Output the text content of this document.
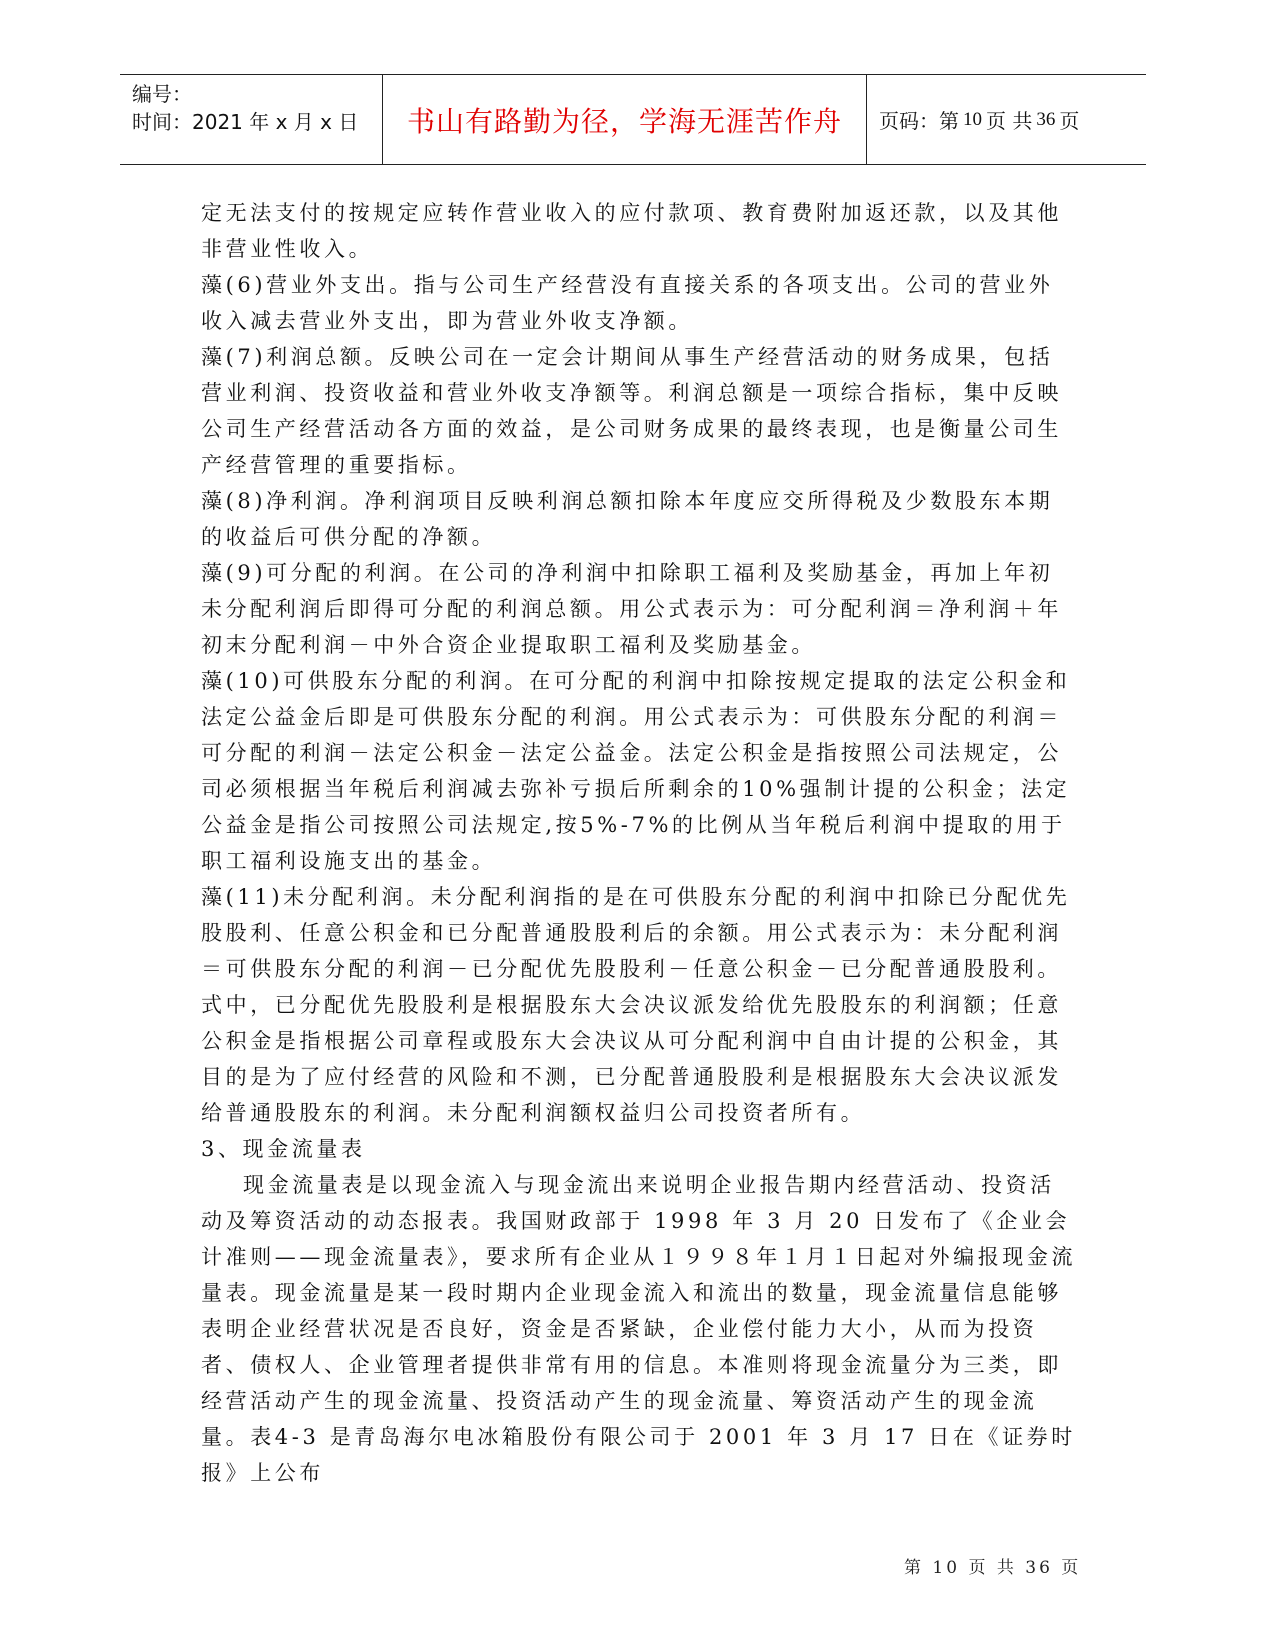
编号：
时间：2021 年 x 月 x 日	书山有路勤为径，学海无涯苦作舟 页码：第 10 页 共 36 页

定无法支付的按规定应转作营业收入的应付款项、教育费附加返还款，以及其他非营业性收入。

藻(6)营业外支出。指与公司生产经营没有直接关系的各项支出。公司的营业外收入减去营业外支出，即为营业外收支净额。

藻(7)利润总额。反映公司在一定会计期间从事生产经营活动的财务成果，包括营业利润、投资收益和营业外收支净额等。利润总额是一项综合指标，集中反映公司生产经营活动各方面的效益，是公司财务成果的最终表现，也是衡量公司生产经营管理的重要指标。

藻(8)净利润。净利润项目反映利润总额扣除本年度应交所得税及少数股东本期的收益后可供分配的净额。

藻(9)可分配的利润。在公司的净利润中扣除职工福利及奖励基金，再加上年初未分配利润后即得可分配的利润总额。用公式表示为：可分配利润＝净利润＋年初末分配利润－中外合资企业提取职工福利及奖励基金。

藻(10)可供股东分配的利润。在可分配的利润中扣除按规定提取的法定公积金和法定公益金后即是可供股东分配的利润。用公式表示为：可供股东分配的利润＝可分配的利润－法定公积金－法定公益金。法定公积金是指按照公司法规定，公司必须根据当年税后利润减去弥补亏损后所剩余的10%强制计提的公积金；法定公益金是指公司按照公司法规定,按5%-7%的比例从当年税后利润中提取的用于职工福利设施支出的基金。

藻(11)未分配利润。未分配利润指的是在可供股东分配的利润中扣除已分配优先股股利、任意公积金和已分配普通股股利后的余额。用公式表示为：未分配利润＝可供股东分配的利润－已分配优先股股利－任意公积金－已分配普通股股利。式中，已分配优先股股利是根据股东大会决议派发给优先股股东的利润额；任意公积金是指根据公司章程或股东大会决议从可分配利润中自由计提的公积金，其目的是为了应付经营的风险和不测，已分配普通股股利是根据股东大会决议派发给普通股股东的利润。未分配利润额权益归公司投资者所有。

3、现金流量表

现金流量表是以现金流入与现金流出来说明企业报告期内经营活动、投资活动及筹资活动的动态报表。我国财政部于 1998 年 3 月 20 日发布了《企业会计准则——现金流量表》，要求所有企业从１９９８年１月１日起对外编报现金流量表。现金流量是某一段时期内企业现金流入和流出的数量，现金流量信息能够表明企业经营状况是否良好，资金是否紧缺，企业偿付能力大小，从而为投资者、债权人、企业管理者提供非常有用的信息。本准则将现金流量分为三类，即经营活动产生的现金流量、投资活动产生的现金流量、筹资活动产生的现金流量。表4-3 是青岛海尔电冰箱股份有限公司于 2001 年 3 月 17 日在《证券时报》上公布

第 10 页 共 36 页
